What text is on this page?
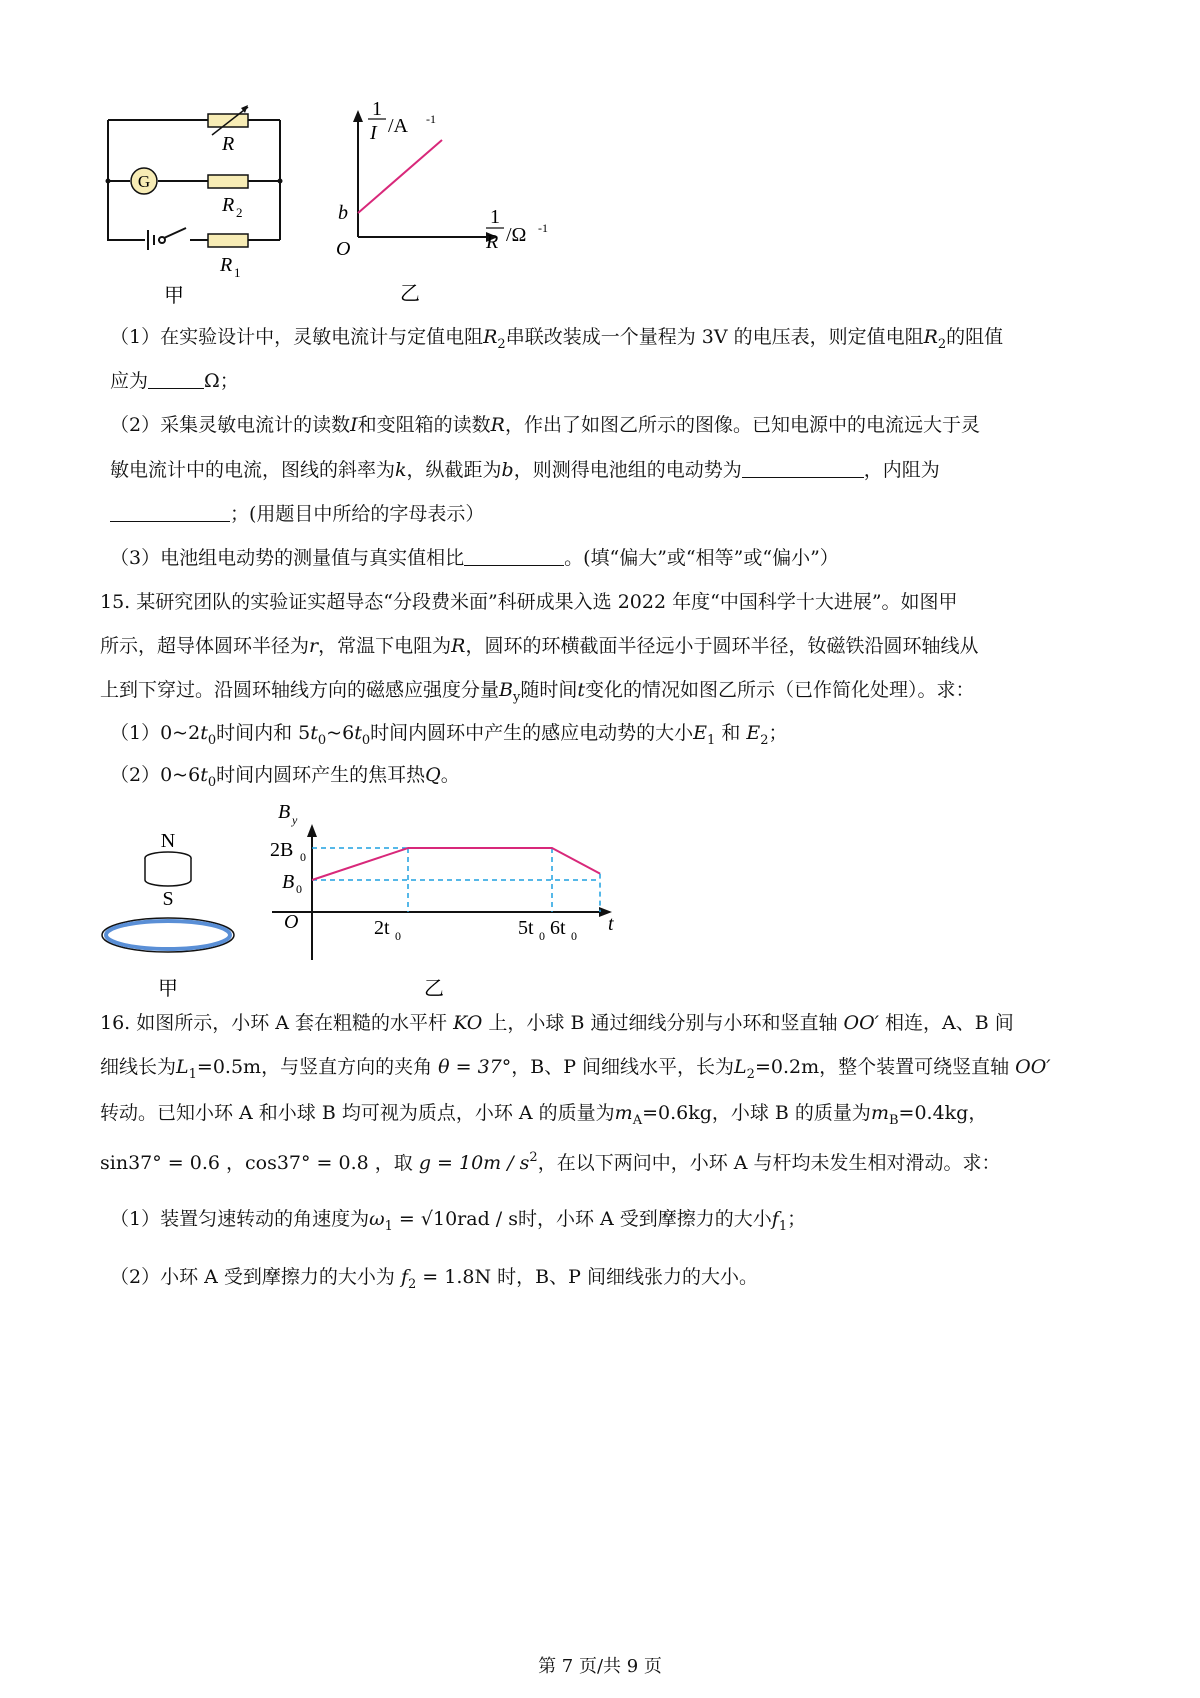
G
R
R 2
R 1
甲
1
I /A -1
1
R /Ω -1
b
O
乙
（1）在实验设计中，灵敏电流计与定值电阻$R_2$串联改装成一个量程为 3V 的电压表，则定值电阻$R_2$的阻值
应为	Ω；
（2）采集灵敏电流计的读数I和变阻箱的读数R，作出了如图乙所示的图像。已知电源中的电流远大于灵
敏电流计中的电流，图线的斜率为k，纵截距为b，则测得电池组的电动势为	，内阻为
；(用题目中所给的字母表示）
（3）电池组电动势的测量值与真实值相比	。(填“偏大”或“相等”或“偏小”）
15. 某研究团队的实验证实超导态“分段费米面”科研成果入选 2022 年度“中国科学十大进展”。如图甲
所示，超导体圆环半径为r，常温下电阻为R，圆环的环横截面半径远小于圆环半径，钕磁铁沿圆环轴线从
上到下穿过。沿圆环轴线方向的磁感应强度分量$B_y$随时间t变化的情况如图乙所示（已作简化处理）。求：
$(1)0\sim 2t_0$时间内和 $5t_0\sim 6t_0$时间内圆环中产生的感应电动势的大小$E_1$ 和 $E_2$；
$(2)0\sim 6t_0$时间内圆环产生的焦耳热Q。
N
S
甲
B y
2B 0
B 0
O	2t 0	5t 0 6t 0
t
乙
16. 如图所示，小环 A 套在粗糙的水平杆 KO 上，小球 B 通过细线分别与小环和竖直轴 OO′ 相连，A、B 间
细线长为$L_1=0.5m$，与竖直方向的夹角 θ = 37°，B、P 间细线水平，长为$L_2=0.2m$，整个装置可绕竖直轴 OO′
转动。已知小环 A 和小球 B 均可视为质点，小环 A 的质量为$m_A=0.6kg$，小球 B 的质量为$m_B=0.4kg$，
sin37° = 0.6 ，cos37° = 0.8 ，取 $g = 10m / s^2$，在以下两问中，小环 A 与杆均未发生相对滑动。求：
（1）装置匀速转动的角速度为$\omega_1 = √10rad / s$时，小环 A 受到摩擦力的大小$f_1$；
（2）小环 A 受到摩擦力的大小为 $f_2 = 1.8N$ 时，B、P 间细线张力的大小。
第 7 页/共 9 页
